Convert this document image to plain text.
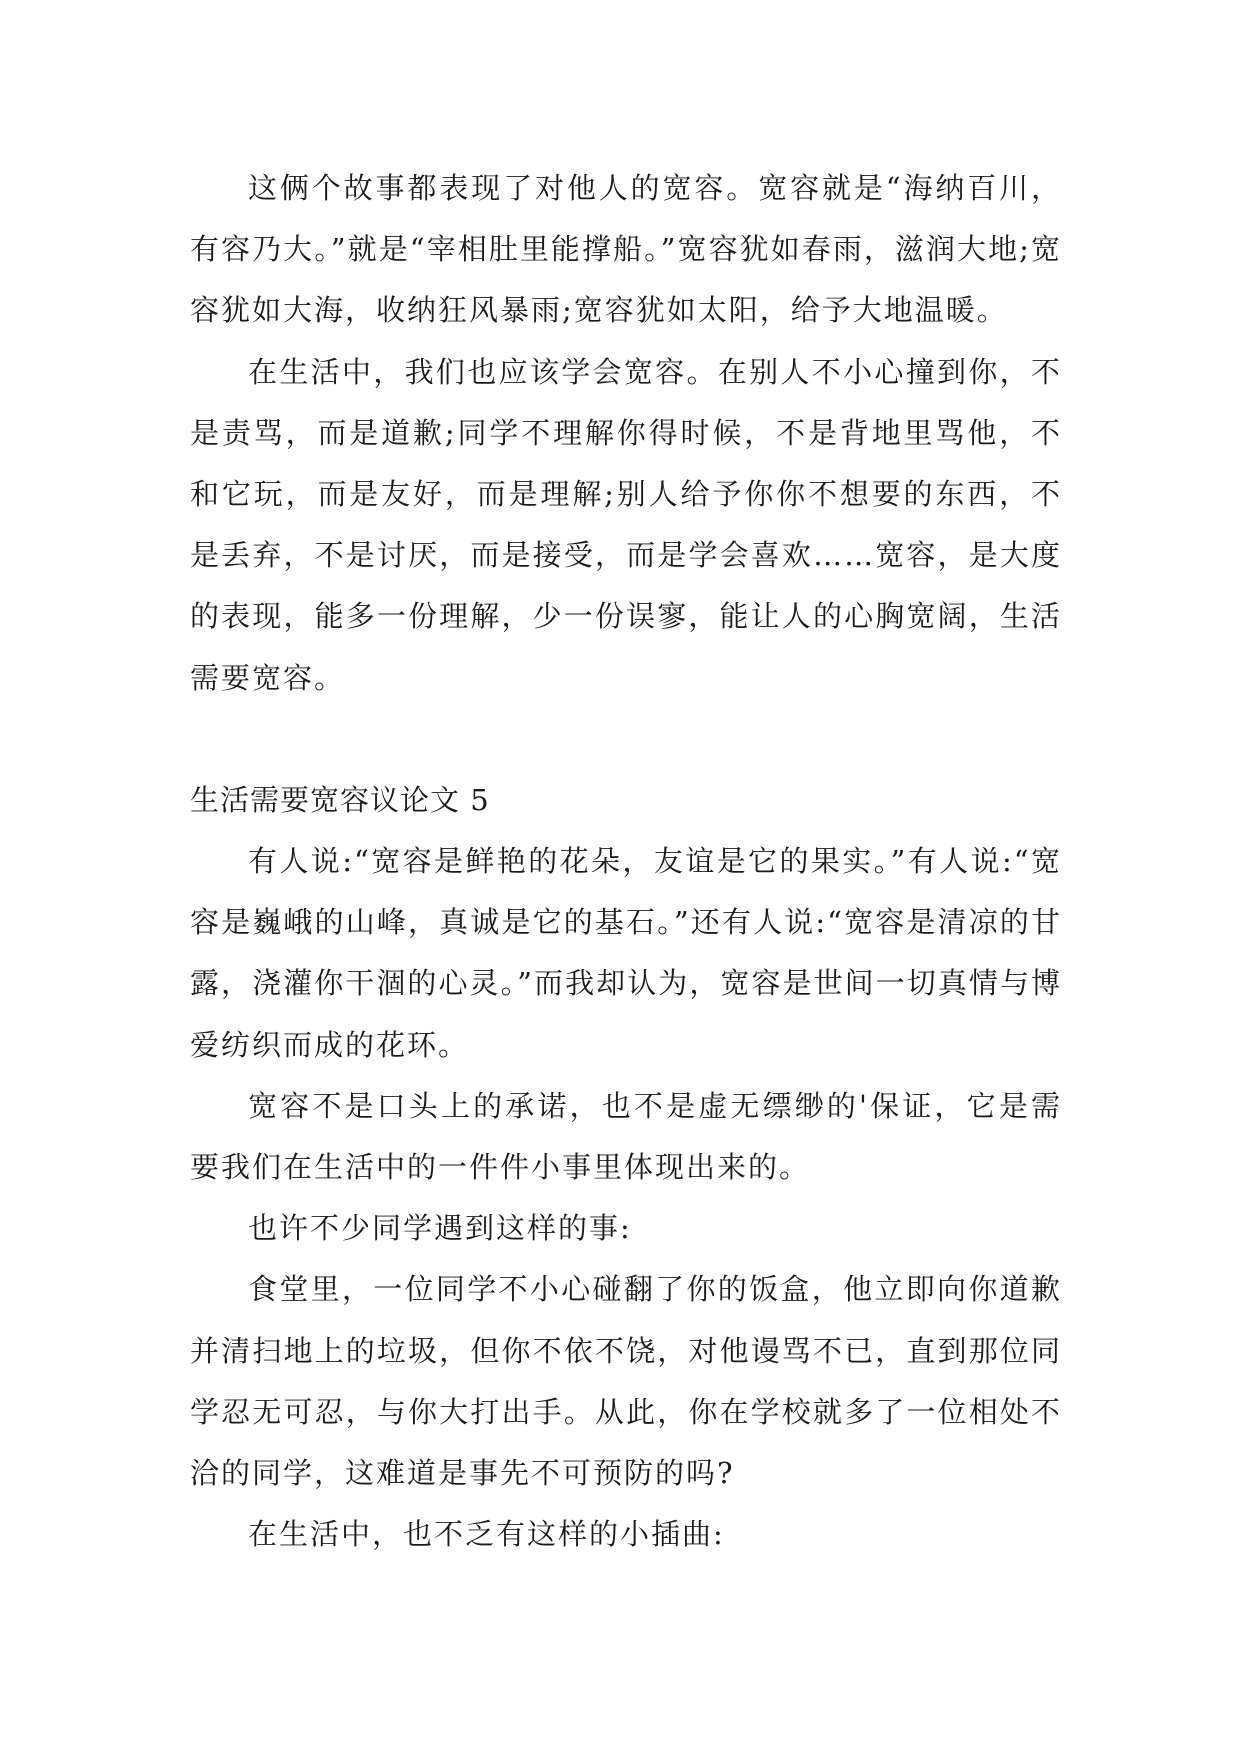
这俩个故事都表现了对他人的宽容。宽容就是“海纳百川，有容乃大。”就是“宰相肚里能撑船。”宽容犹如春雨，滋润大地;宽容犹如大海，收纳狂风暴雨;宽容犹如太阳，给予大地温暖。

在生活中，我们也应该学会宽容。在别人不小心撞到你，不是责骂，而是道歉;同学不理解你得时候，不是背地里骂他，不和它玩，而是友好，而是理解;别人给予你你不想要的东西，不是丢弃，不是讨厌，而是接受，而是学会喜欢……宽容，是大度的表现，能多一份理解，少一份误寥，能让人的心胸宽阔，生活需要宽容。

生活需要宽容议论文 5

有人说:“宽容是鲜艳的花朵，友谊是它的果实。”有人说:“宽容是巍峨的山峰，真诚是它的基石。”还有人说:“宽容是清凉的甘露，浇灌你干涸的心灵。”而我却认为，宽容是世间一切真情与博爱纺织而成的花环。

宽容不是口头上的承诺，也不是虚无缥缈的'保证，它是需要我们在生活中的一件件小事里体现出来的。

也许不少同学遇到这样的事:

食堂里，一位同学不小心碰翻了你的饭盒，他立即向你道歉并清扫地上的垃圾，但你不依不饶，对他谩骂不已，直到那位同学忍无可忍，与你大打出手。从此，你在学校就多了一位相处不洽的同学，这难道是事先不可预防的吗?

在生活中，也不乏有这样的小插曲:
